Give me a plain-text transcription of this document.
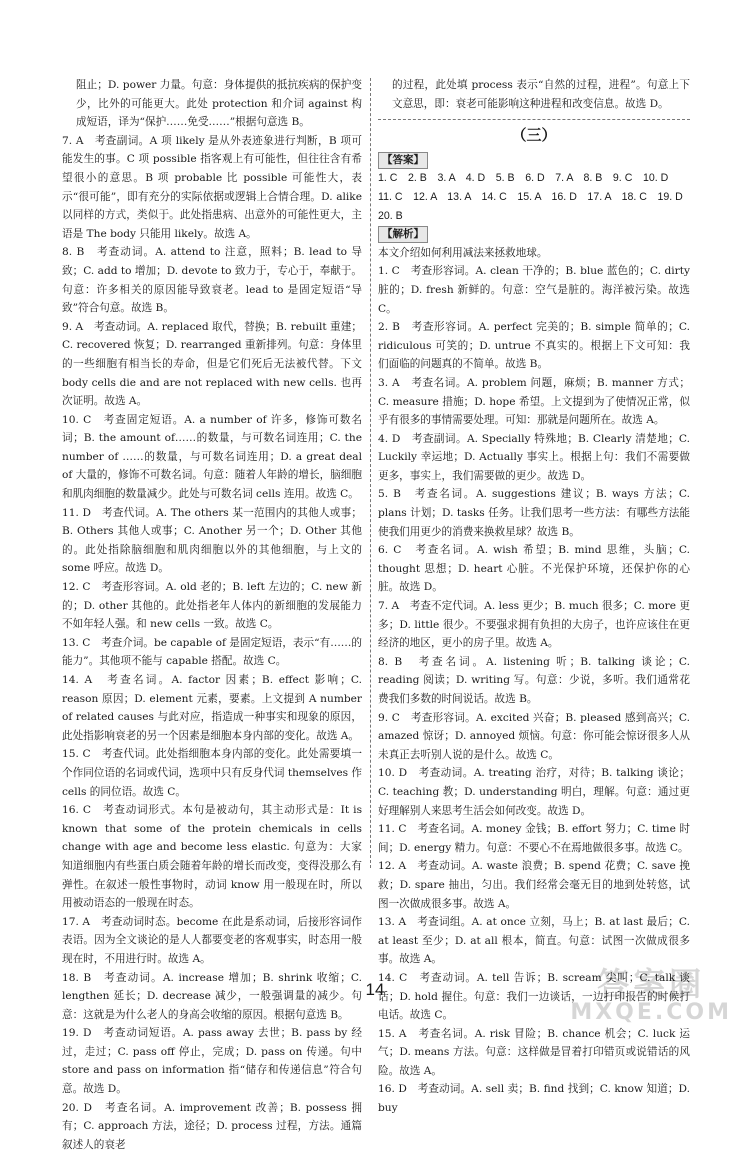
阻止；D. power 力量。句意：身体提供的抵抗疾病的保护变少，比外的可能更大。此处 protection 和介词 against 构成短语，译为“保护……免受……”根据句意选 B。

7. A　考查副词。A 项 likely 是从外表迹象进行判断，B 项可能发生的事。C 项 possible 指客观上有可能性，但往往含有希望很小的意思。B 项 probable 比 possible 可能性大，表示“很可能”，即有充分的实际依据或逻辑上合情合理。D. alike 以同样的方式，类似于。此处指患病、出意外的可能性更大，主语是 The body 只能用 likely。故选 A。

8. B　考查动词。A. attend to 注意，照料；B. lead to 导致；C. add to 增加；D. devote to 致力于，专心于，奉献于。句意：许多相关的原因能导致衰老。lead to 是固定短语“导致”符合句意。故选 B。

9. A　考查动词。A. replaced 取代，替换；B. rebuilt 重建；C. recovered 恢复；D. rearranged 重新排列。句意：身体里的一些细胞有相当长的寿命，但是它们死后无法被代替。下文 body cells die and are not replaced with new cells. 也再次证明。故选 A。

10. C　考查固定短语。A. a number of 许多，修饰可数名词；B. the amount of……的数量，与可数名词连用；C. the number of ……的数量，与可数名词连用；D. a great deal of 大量的，修饰不可数名词。句意：随着人年龄的增长，脑细胞和肌肉细胞的数量减少。此处与可数名词 cells 连用。故选 C。

11. D　考查代词。A. The others 某一范围内的其他人或事；B. Others 其他人或事；C. Another 另一个；D. Other 其他的。此处指除脑细胞和肌肉细胞以外的其他细胞，与上文的 some 呼应。故选 D。

12. C　考查形容词。A. old 老的；B. left 左边的；C. new 新的；D. other 其他的。此处指老年人体内的新细胞的发展能力不如年轻人强。和 new cells 一致。故选 C。

13. C　考查介词。be capable of 是固定短语，表示“有……的能力”。其他项不能与 capable 搭配。故选 C。

14. A　考查名词。A. factor 因素；B. effect 影响；C. reason 原因；D. element 元素，要素。上文提到 A number of related causes 与此对应，指造成一种事实和现象的原因，此处指影响衰老的另一个因素是细胞本身内部的变化。故选 A。

15. C　考查代词。此处指细胞本身内部的变化。此处需要填一个作同位语的名词或代词，选项中只有反身代词 themselves 作 cells 的同位语。故选 C。

16. C　考查动词形式。本句是被动句，其主动形式是：It is known that some of the protein chemicals in cells change with age and become less elastic. 句意为：大家知道细胞内有些蛋白质会随着年龄的增长而改变，变得没那么有弹性。在叙述一般性事物时，动词 know 用一般现在时，所以用被动语态的一般现在时态。

17. A　考查动词时态。become 在此是系动词，后接形容词作表语。因为全文谈论的是人人都要变老的客观事实，时态用一般现在时，不用进行时。故选 A。

18. B　考查动词。A. increase 增加；B. shrink 收缩；C. lengthen 延长；D. decrease 减少，一般强调量的减少。句意：这就是为什么老人的身高会收缩的原因。根据句意选 B。

19. D　考查动词短语。A. pass away 去世；B. pass by 经过，走过；C. pass off 停止，完成；D. pass on 传递。句中 store and pass on information 指“储存和传递信息”符合句意。故选 D。

20. D　考查名词。A. improvement 改善；B. possess 拥有；C. approach 方法，途径；D. process 过程，方法。通篇叙述人的衰老

的过程，此处填 process 表示“自然的过程，进程”。句意上下文意思，即：衰老可能影响这种进程和改变信息。故选 D。

（三）
【答案】
1. C　2. B　3. A　4. D　5. B　6. D　7. A　8. B　9. C　10. D
11. C　12. A　13. A　14. C　15. A　16. D　17. A　18. C　19. D
20. B
【解析】

本文介绍如何利用减法来拯救地球。

1. C　考查形容词。A. clean 干净的；B. blue 蓝色的；C. dirty 脏的；D. fresh 新鲜的。句意：空气是脏的。海洋被污染。故选 C。

2. B　考查形容词。A. perfect 完美的；B. simple 简单的；C. ridiculous 可笑的；D. untrue 不真实的。根据上下文可知：我们面临的问题真的不简单。故选 B。

3. A　考查名词。A. problem 问题，麻烦；B. manner 方式；C. measure 措施；D. hope 希望。上文提到为了使情况正常，似乎有很多的事情需要处理。可知：那就是问题所在。故选 A。

4. D　考查副词。A. Specially 特殊地；B. Clearly 清楚地；C. Luckily 幸运地；D. Actually 事实上。根据上句：我们不需要做更多，事实上，我们需要做的更少。故选 D。

5. B　考查名词。A. suggestions 建议；B. ways 方法；C. plans 计划；D. tasks 任务。让我们思考一些方法：有哪些方法能使我们用更少的消费来换救星球？故选 B。

6. C　考查名词。A. wish 希望；B. mind 思维，头脑；C. thought 思想；D. heart 心脏。不光保护环境，还保护你的心脏。故选 D。

7. A　考查不定代词。A. less 更少；B. much 很多；C. more 更多；D. little 很少。不要强求拥有负担的大房子，也许应该住在更经济的地区，更小的房子里。故选 A。

8. B　考查名词。A. listening 听；B. talking 谈论；C. reading 阅读；D. writing 写。句意：少说，多听。我们通常花费我们多数的时间说话。故选 B。

9. C　考查形容词。A. excited 兴奋；B. pleased 感到高兴；C. amazed 惊讶；D. annoyed 烦恼。句意：你可能会惊讶很多人从未真正去听别人说的是什么。故选 C。

10. D　考查动词。A. treating 治疗，对待；B. talking 谈论；C. teaching 教；D. understanding 明白，理解。句意：通过更好理解别人来思考生活会如何改变。故选 D。

11. C　考查名词。A. money 金钱；B. effort 努力；C. time 时间；D. energy 精力。句意：不要心不在焉地做很多事。故选 C。

12. A　考查动词。A. waste 浪费；B. spend 花费；C. save 挽救；D. spare 抽出，匀出。我们经常会毫无目的地到处转悠，试图一次做成很多事。故选 A。

13. A　考查词组。A. at once 立刻，马上；B. at last 最后；C. at least 至少；D. at all 根本，简直。句意：试图一次做成很多事。故选 A。

14. C　考查动词。A. tell 告诉；B. scream 尖叫；C. talk 谈话；D. hold 握住。句意：我们一边谈话，一边打印报告的时候打电话。故选 C。

15. A　考查名词。A. risk 冒险；B. chance 机会；C. luck 运气；D. means 方法。句意：这样做是冒着打印错页或说错话的风险。故选 A。

16. D　考查动词。A. sell 卖；B. find 找到；C. know 知道；D. buy

14	答案圈
MXQE.COM
